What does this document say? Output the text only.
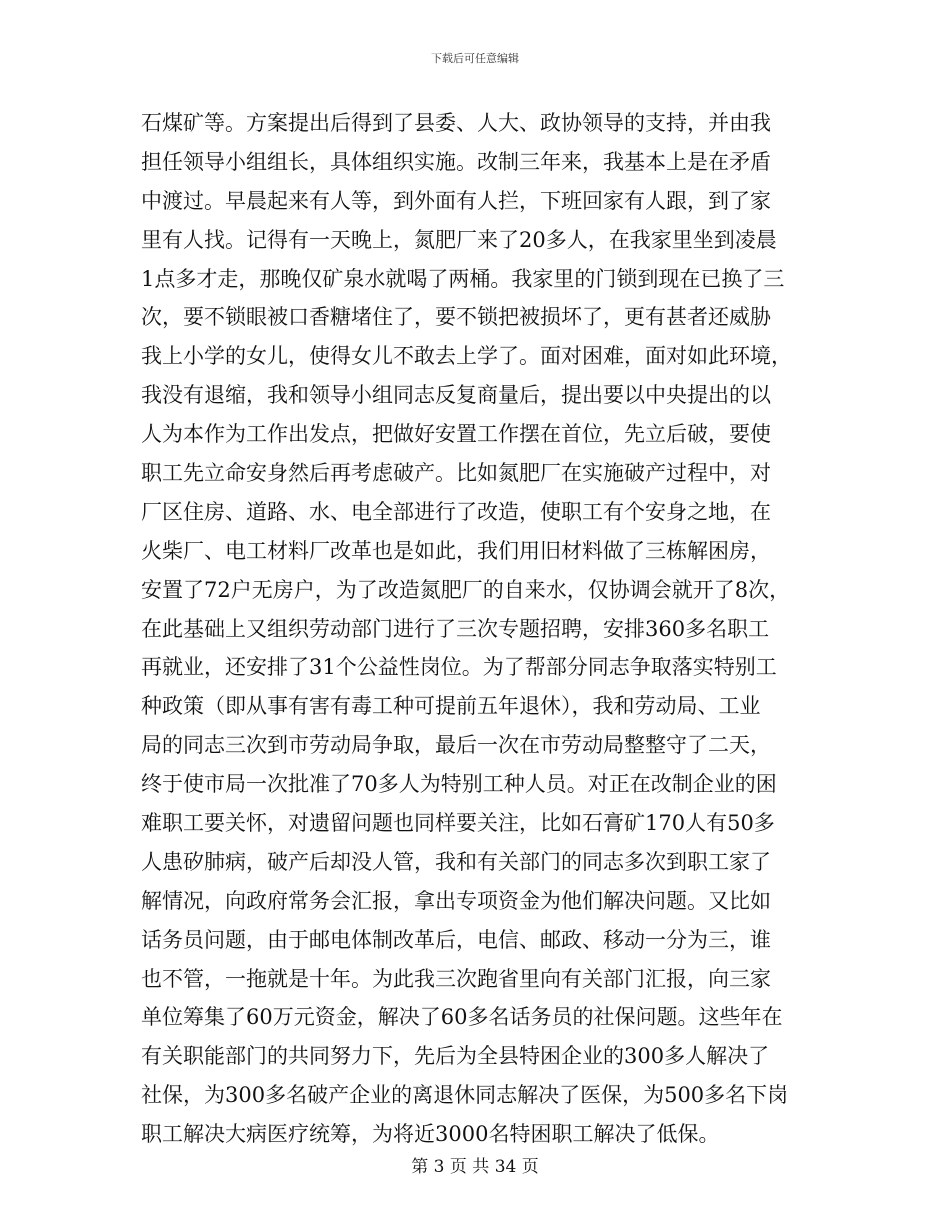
下载后可任意编辑
石煤矿等。方案提出后得到了县委、人大、政协领导的支持，并由我
担任领导小组组长，具体组织实施。改制三年来，我基本上是在矛盾
中渡过。早晨起来有人等，到外面有人拦，下班回家有人跟，到了家
里有人找。记得有一天晚上，氮肥厂来了20多人，在我家里坐到凌晨
1点多才走，那晚仅矿泉水就喝了两桶。我家里的门锁到现在已换了三
次，要不锁眼被口香糖堵住了，要不锁把被损坏了，更有甚者还威胁
我上小学的女儿，使得女儿不敢去上学了。面对困难，面对如此环境，
我没有退缩，我和领导小组同志反复商量后，提出要以中央提出的以
人为本作为工作出发点，把做好安置工作摆在首位，先立后破，要使
职工先立命安身然后再考虑破产。比如氮肥厂在实施破产过程中，对
厂区住房、道路、水、电全部进行了改造，使职工有个安身之地，在
火柴厂、电工材料厂改革也是如此，我们用旧材料做了三栋解困房，
安置了72户无房户，为了改造氮肥厂的自来水，仅协调会就开了8次，
在此基础上又组织劳动部门进行了三次专题招聘，安排360多名职工
再就业，还安排了31个公益性岗位。为了帮部分同志争取落实特别工
种政策（即从事有害有毒工种可提前五年退休），我和劳动局、工业
局的同志三次到市劳动局争取，最后一次在市劳动局整整守了二天，
终于使市局一次批准了70多人为特别工种人员。对正在改制企业的困
难职工要关怀，对遗留问题也同样要关注，比如石膏矿170人有50多
人患矽肺病，破产后却没人管，我和有关部门的同志多次到职工家了
解情况，向政府常务会汇报，拿出专项资金为他们解决问题。又比如
话务员问题，由于邮电体制改革后，电信、邮政、移动一分为三，谁
也不管，一拖就是十年。为此我三次跑省里向有关部门汇报，向三家
单位筹集了60万元资金，解决了60多名话务员的社保问题。这些年在
有关职能部门的共同努力下，先后为全县特困企业的300多人解决了
社保，为300多名破产企业的离退休同志解决了医保，为500多名下岗
职工解决大病医疗统筹，为将近3000名特困职工解决了低保。
第 3 页 共 34 页
